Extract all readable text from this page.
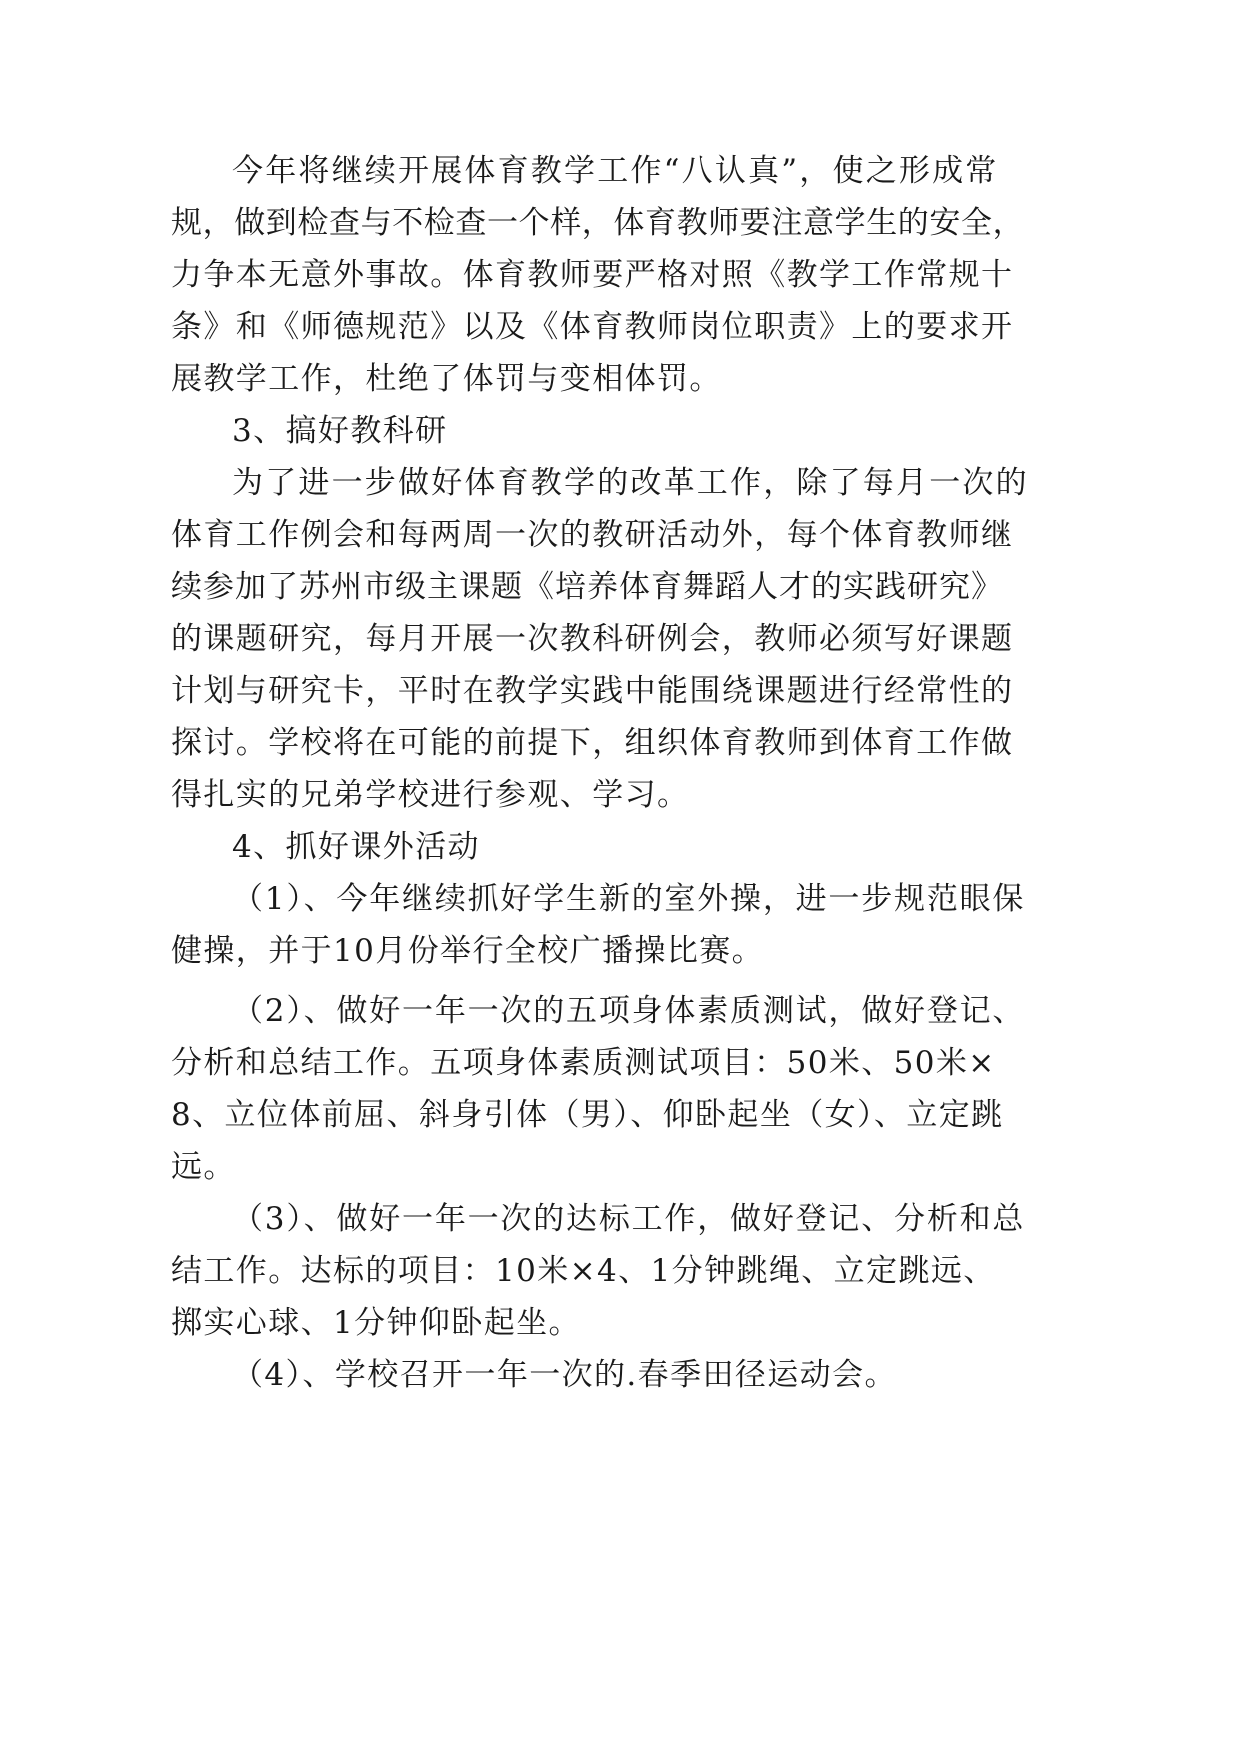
今年将继续开展体育教学工作“八认真”，使之形成常
规，做到检查与不检查一个样，体育教师要注意学生的安全，
力争本无意外事故。体育教师要严格对照《教学工作常规十
条》和《师德规范》以及《体育教师岗位职责》上的要求开
展教学工作，杜绝了体罚与变相体罚。
3、搞好教科研
为了进一步做好体育教学的改革工作，除了每月一次的
体育工作例会和每两周一次的教研活动外，每个体育教师继
续参加了苏州市级主课题《培养体育舞蹈人才的实践研究》
的课题研究，每月开展一次教科研例会，教师必须写好课题
计划与研究卡，平时在教学实践中能围绕课题进行经常性的
探讨。学校将在可能的前提下，组织体育教师到体育工作做
得扎实的兄弟学校进行参观、学习。
4、抓好课外活动
（1）、今年继续抓好学生新的室外操，进一步规范眼保
健操，并于10月份举行全校广播操比赛。
（2）、做好一年一次的五项身体素质测试，做好登记、
分析和总结工作。五项身体素质测试项目：50米、50米×
8、立位体前屈、斜身引体（男）、仰卧起坐（女）、立定跳
远。
（3）、做好一年一次的达标工作，做好登记、分析和总
结工作。达标的项目：10米×4、1分钟跳绳、立定跳远、
掷实心球、1分钟仰卧起坐。
（4）、学校召开一年一次的.春季田径运动会。
